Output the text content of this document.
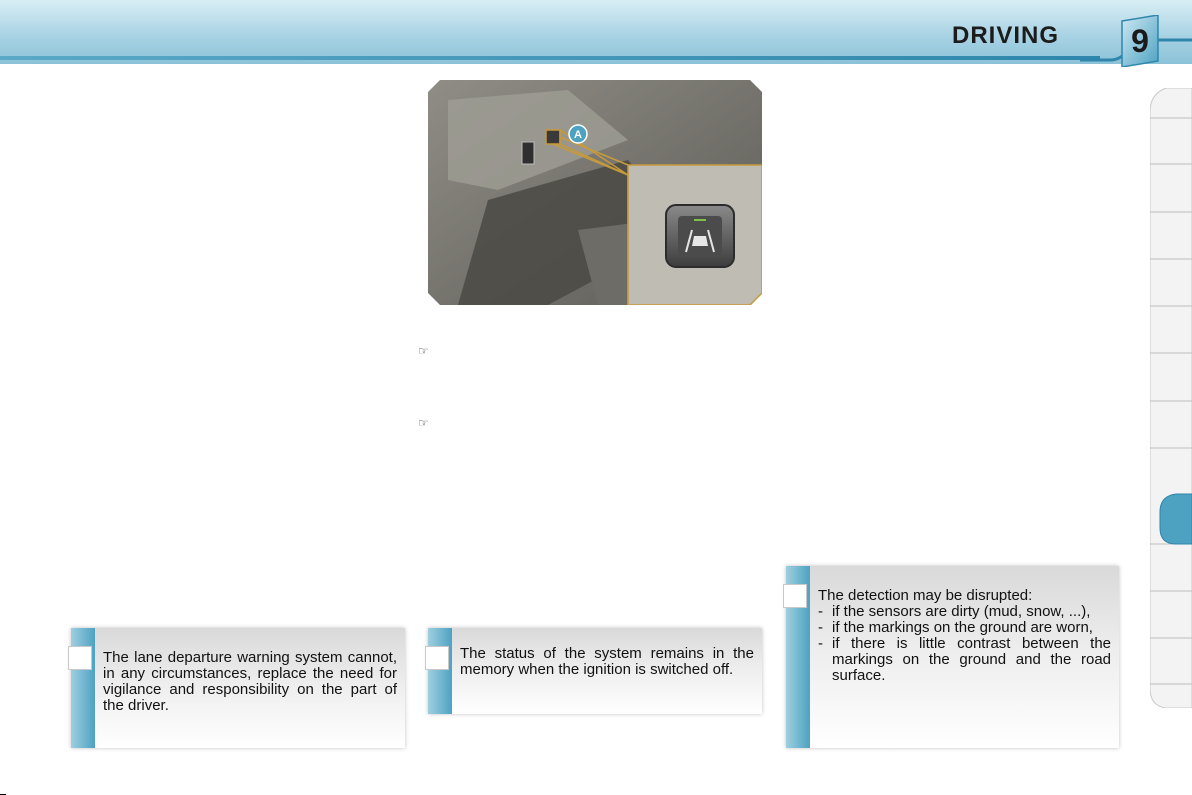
DRIVING	9
A
☞
☞
The lane departure warning system cannot, in any circumstances, replace the need for vigilance and responsibility on the part of the driver.
The status of the system remains in the memory when the ignition is switched off.
The detection may be disrupted:
- if the sensors are dirty (mud, snow, ...),
- if the markings on the ground are worn,
- if there is little contrast between the markings on the ground and the road surface.
